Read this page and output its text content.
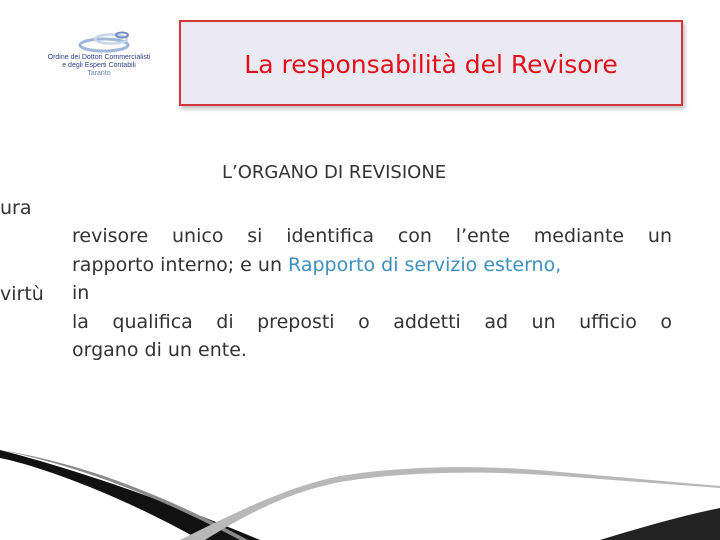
Ordine dei Dottori Commercialisti
e degli Esperti Contabili
Taranto	La responsabilità del Revisore
L’ORGANO DI REVISIONE
ura
virtù
revisore unico si identifica con l’ente mediante un
rapporto interno; e un Rapporto di servizio esterno,
in
la qualifica di preposti o addetti ad un ufficio o
organo di un ente.
